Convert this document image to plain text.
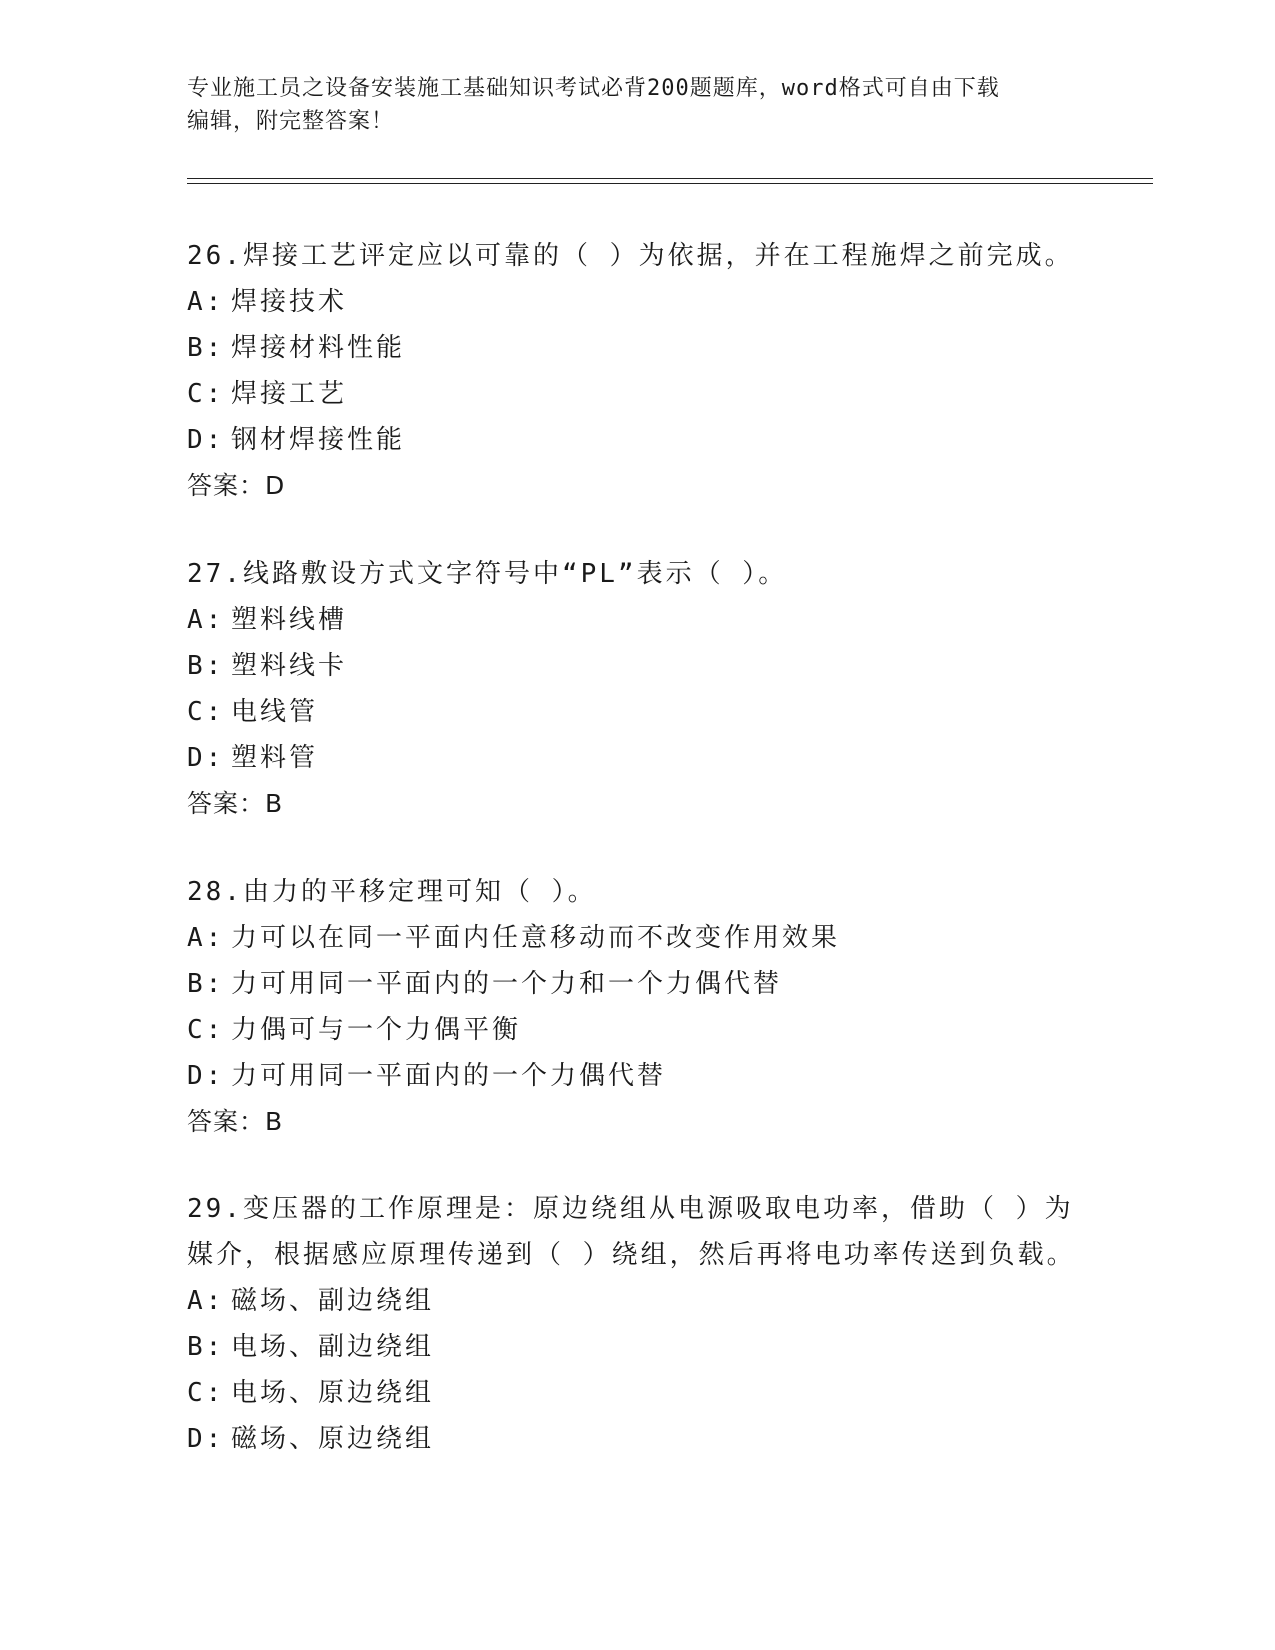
专业施工员之设备安装施工基础知识考试必背200题题库，word格式可自由下载
编辑，附完整答案！
26.焊接工艺评定应以可靠的（ ）为依据，并在工程施焊之前完成。
A: 焊接技术
B: 焊接材料性能
C: 焊接工艺
D: 钢材焊接性能
答案：D
27.线路敷设方式文字符号中“PL”表示（ ）。
A: 塑料线槽
B: 塑料线卡
C: 电线管
D: 塑料管
答案：B
28.由力的平移定理可知（ ）。
A: 力可以在同一平面内任意移动而不改变作用效果
B: 力可用同一平面内的一个力和一个力偶代替
C: 力偶可与一个力偶平衡
D: 力可用同一平面内的一个力偶代替
答案：B
29.变压器的工作原理是：原边绕组从电源吸取电功率，借助（ ）为
媒介，根据感应原理传递到（ ）绕组，然后再将电功率传送到负载。
A: 磁场、副边绕组
B: 电场、副边绕组
C: 电场、原边绕组
D: 磁场、原边绕组
